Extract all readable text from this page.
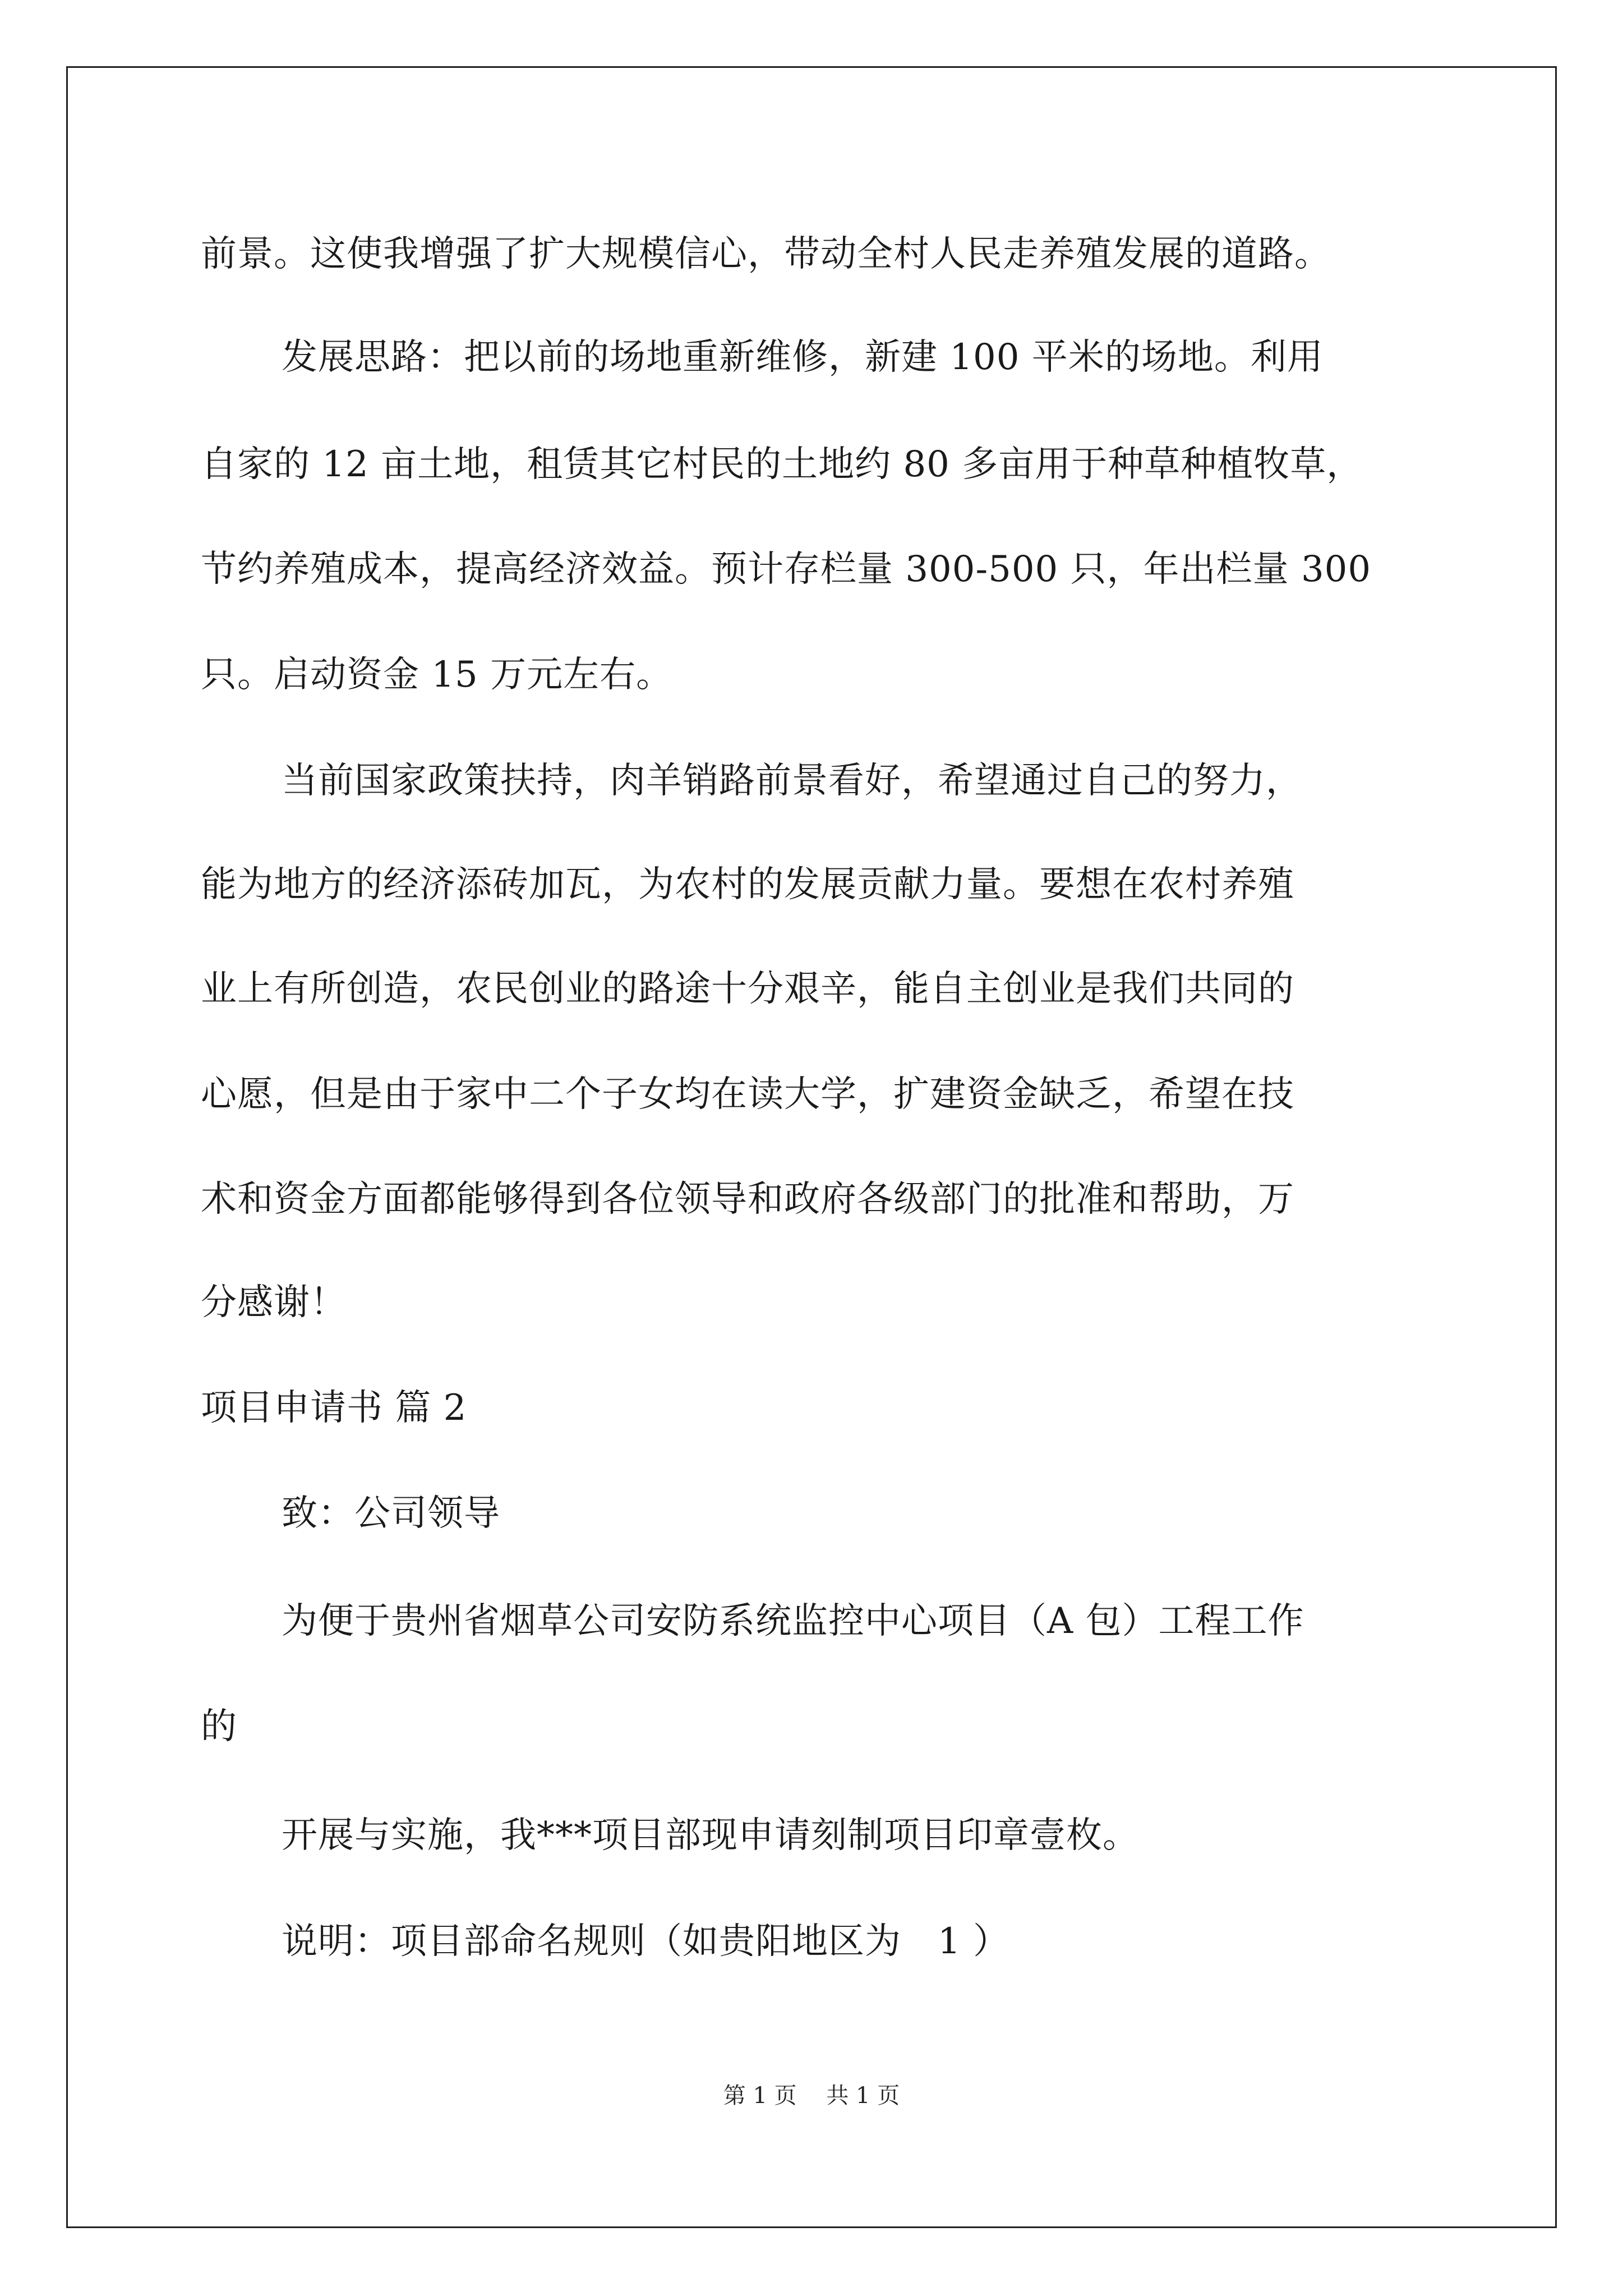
前景。这使我增强了扩大规模信心，带动全村人民走养殖发展的道路。
发展思路：把以前的场地重新维修，新建 100 平米的场地。利用
自家的 12 亩土地，租赁其它村民的土地约 80 多亩用于种草种植牧草，
节约养殖成本，提高经济效益。预计存栏量 300-500 只，年出栏量 300
只。启动资金 15 万元左右。
当前国家政策扶持，肉羊销路前景看好，希望通过自己的努力，
能为地方的经济添砖加瓦，为农村的发展贡献力量。要想在农村养殖
业上有所创造，农民创业的路途十分艰辛，能自主创业是我们共同的
心愿，但是由于家中二个子女均在读大学，扩建资金缺乏，希望在技
术和资金方面都能够得到各位领导和政府各级部门的批准和帮助，万
分感谢！
项目申请书 篇 2
致：公司领导
为便于贵州省烟草公司安防系统监控中心项目（A 包）工程工作
的
开展与实施，我***项目部现申请刻制项目印章壹枚。
说明：项目部命名规则（如贵阳地区为　1 ）
第 1 页　 共 1 页
